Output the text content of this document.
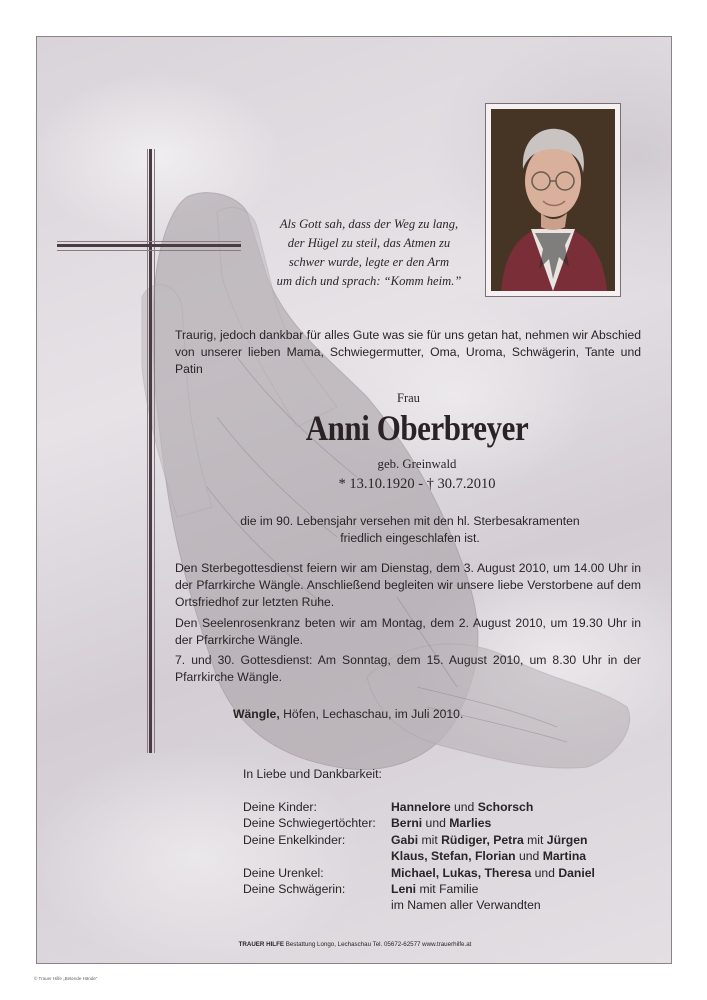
Als Gott sah, dass der Weg zu lang,
der Hügel zu steil, das Atmen zu
schwer wurde, legte er den Arm
um dich und sprach: “Komm heim.”
Traurig, jedoch dankbar für alles Gute was sie für uns getan hat, nehmen wir Abschied von unserer lieben Mama, Schwiegermutter, Oma, Uroma, Schwägerin, Tante und Patin
Frau
Anni Oberbreyer
geb. Greinwald
* 13.10.1920 - † 30.7.2010
die im 90. Lebensjahr versehen mit den hl. Sterbesakramenten
friedlich eingeschlafen ist.
Den Sterbegottesdienst feiern wir am Dienstag, dem 3. August 2010, um 14.00 Uhr in der Pfarrkirche Wängle. Anschließend begleiten wir unsere liebe Verstorbene auf dem Ortsfriedhof zur letzten Ruhe.
Den Seelenrosenkranz beten wir am Montag, dem 2. August 2010, um 19.30 Uhr in der Pfarrkirche Wängle.
7. und 30. Gottesdienst: Am Sonntag, dem 15. August 2010, um 8.30 Uhr in der Pfarrkirche Wängle.
Wängle, Höfen, Lechaschau, im Juli 2010.
In Liebe und Dankbarkeit:
Deine Kinder:	Hannelore und Schorsch
Deine Schwiegertöchter:	Berni und Marlies
Deine Enkelkinder:	Gabi mit Rüdiger, Petra mit Jürgen
Klaus, Stefan, Florian und Martina
Deine Urenkel:	Michael, Lukas, Theresa und Daniel
Deine Schwägerin:	Leni mit Familie
im Namen aller Verwandten
TRAUER HILFE Bestattung Longo, Lechaschau Tel. 05672-62577 www.trauerhilfe.at
© Trauer Hilfe „Betende Hände“
